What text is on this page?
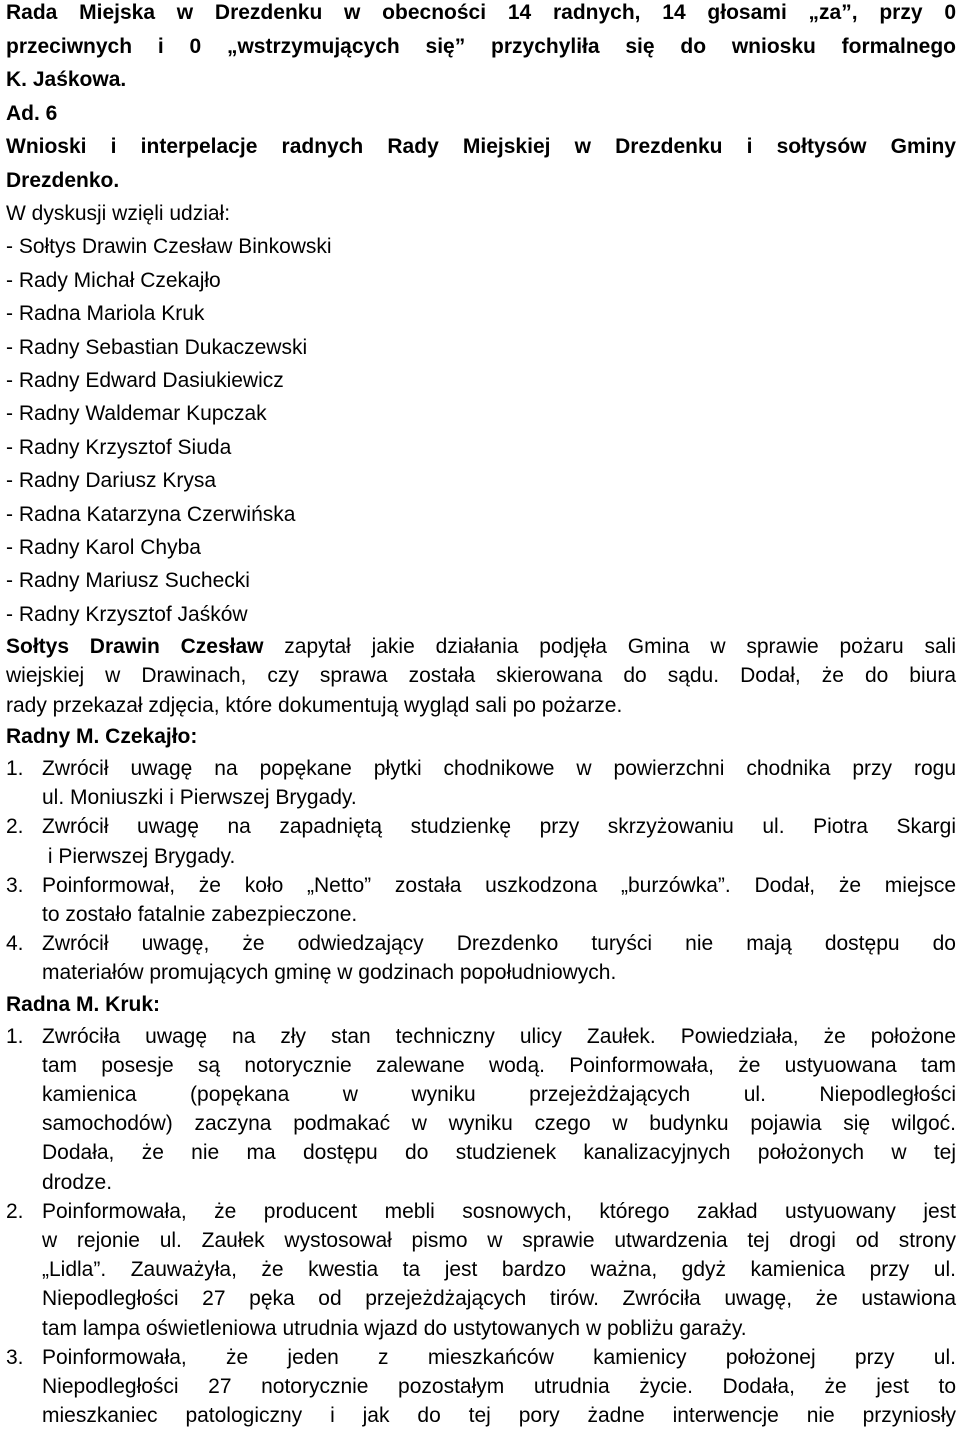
Rada Miejska w Drezdenku w obecności 14 radnych, 14 głosami „za”, przy 0
przeciwnych i 0 „wstrzymujących się” przychyliła się do wniosku formalnego
K. Jaśkowa.
Ad. 6
Wnioski i interpelacje radnych Rady Miejskiej w Drezdenku i sołtysów Gminy
Drezdenko.
W dyskusji wzięli udział:
- Sołtys Drawin Czesław Binkowski
- Rady Michał Czekajło
- Radna Mariola Kruk
- Radny Sebastian Dukaczewski
- Radny Edward Dasiukiewicz
- Radny Waldemar Kupczak
- Radny Krzysztof Siuda
- Radny Dariusz Krysa
- Radna Katarzyna Czerwińska
- Radny Karol Chyba
- Radny Mariusz Suchecki
- Radny Krzysztof Jaśków
Sołtys Drawin Czesław zapytał jakie działania podjęła Gmina w sprawie pożaru sali
wiejskiej w Drawinach, czy sprawa została skierowana do sądu. Dodał, że do biura
rady przekazał zdjęcia, które dokumentują wygląd sali po pożarze.
Radny M. Czekajło:
1. Zwrócił uwagę na popękane płytki chodnikowe w powierzchni chodnika przy rogu
ul. Moniuszki i Pierwszej Brygady.
2. Zwrócił uwagę na zapadniętą studzienkę przy skrzyżowaniu ul. Piotra Skargi
i Pierwszej Brygady.
3. Poinformował, że koło „Netto” została uszkodzona „burzówka”. Dodał, że miejsce
to zostało fatalnie zabezpieczone.
4. Zwrócił uwagę, że odwiedzający Drezdenko turyści nie mają dostępu do
materiałów promujących gminę w godzinach popołudniowych.
Radna M. Kruk:
1. Zwróciła uwagę na zły stan techniczny ulicy Zaułek. Powiedziała, że położone
tam posesje są notorycznie zalewane wodą. Poinformowała, że ustyuowana tam
kamienica (popękana w wyniku przejeżdżających ul. Niepodległości
samochodów) zaczyna podmakać w wyniku czego w budynku pojawia się wilgoć.
Dodała, że nie ma dostępu do studzienek kanalizacyjnych położonych w tej
drodze.
2. Poinformowała, że producent mebli sosnowych, którego zakład ustyuowany jest
w rejonie ul. Zaułek wystosował pismo w sprawie utwardzenia tej drogi od strony
„Lidla”. Zauważyła, że kwestia ta jest bardzo ważna, gdyż kamienica przy ul.
Niepodległości 27 pęka od przejeżdżających tirów. Zwróciła uwagę, że ustawiona
tam lampa oświetleniowa utrudnia wjazd do ustytowanych w pobliżu garaży.
3. Poinformowała, że jeden z mieszkańców kamienicy położonej przy ul.
Niepodległości 27 notorycznie pozostałym utrudnia życie. Dodała, że jest to
mieszkaniec patologiczny i jak do tej pory żadne interwencje nie przyniosły
